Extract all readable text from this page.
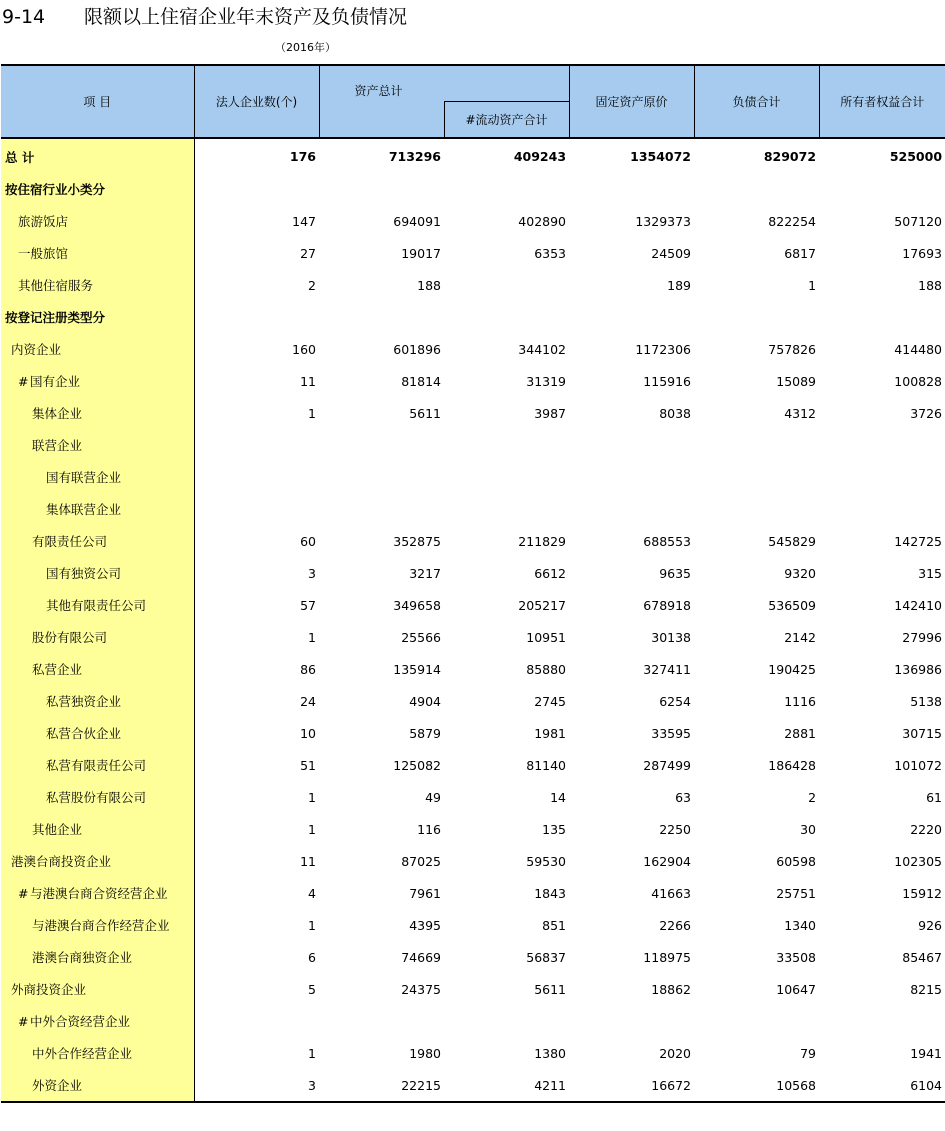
9-14 限额以上住宿企业年末资产及负债情况
（2016年）
项 目	法人企业数(个)	资产总计		固定资产原价	负债合计	所有者权益合计
			#流动资产合计			
总 计	176	713296	409243	1354072	829072	525000
按住宿行业小类分						
旅游饭店	147	694091	402890	1329373	822254	507120
一般旅馆	27	19017	6353	24509	6817	17693
其他住宿服务	2	188		189	1	188
按登记注册类型分						
内资企业	160	601896	344102	1172306	757826	414480
# 国有企业	11	81814	31319	115916	15089	100828
集体企业	1	5611	3987	8038	4312	3726
联营企业						
国有联营企业						
集体联营企业						
有限责任公司	60	352875	211829	688553	545829	142725
国有独资公司	3	3217	6612	9635	9320	315
其他有限责任公司	57	349658	205217	678918	536509	142410
股份有限公司	1	25566	10951	30138	2142	27996
私营企业	86	135914	85880	327411	190425	136986
私营独资企业	24	4904	2745	6254	1116	5138
私营合伙企业	10	5879	1981	33595	2881	30715
私营有限责任公司	51	125082	81140	287499	186428	101072
私营股份有限公司	1	49	14	63	2	61
其他企业	1	116	135	2250	30	2220
港澳台商投资企业	11	87025	59530	162904	60598	102305
# 与港澳台商合资经营企业	4	7961	1843	41663	25751	15912
与港澳台商合作经营企业	1	4395	851	2266	1340	926
港澳台商独资企业	6	74669	56837	118975	33508	85467
外商投资企业	5	24375	5611	18862	10647	8215
# 中外合资经营企业						
中外合作经营企业	1	1980	1380	2020	79	1941
外资企业	3	22215	4211	16672	10568	6104
